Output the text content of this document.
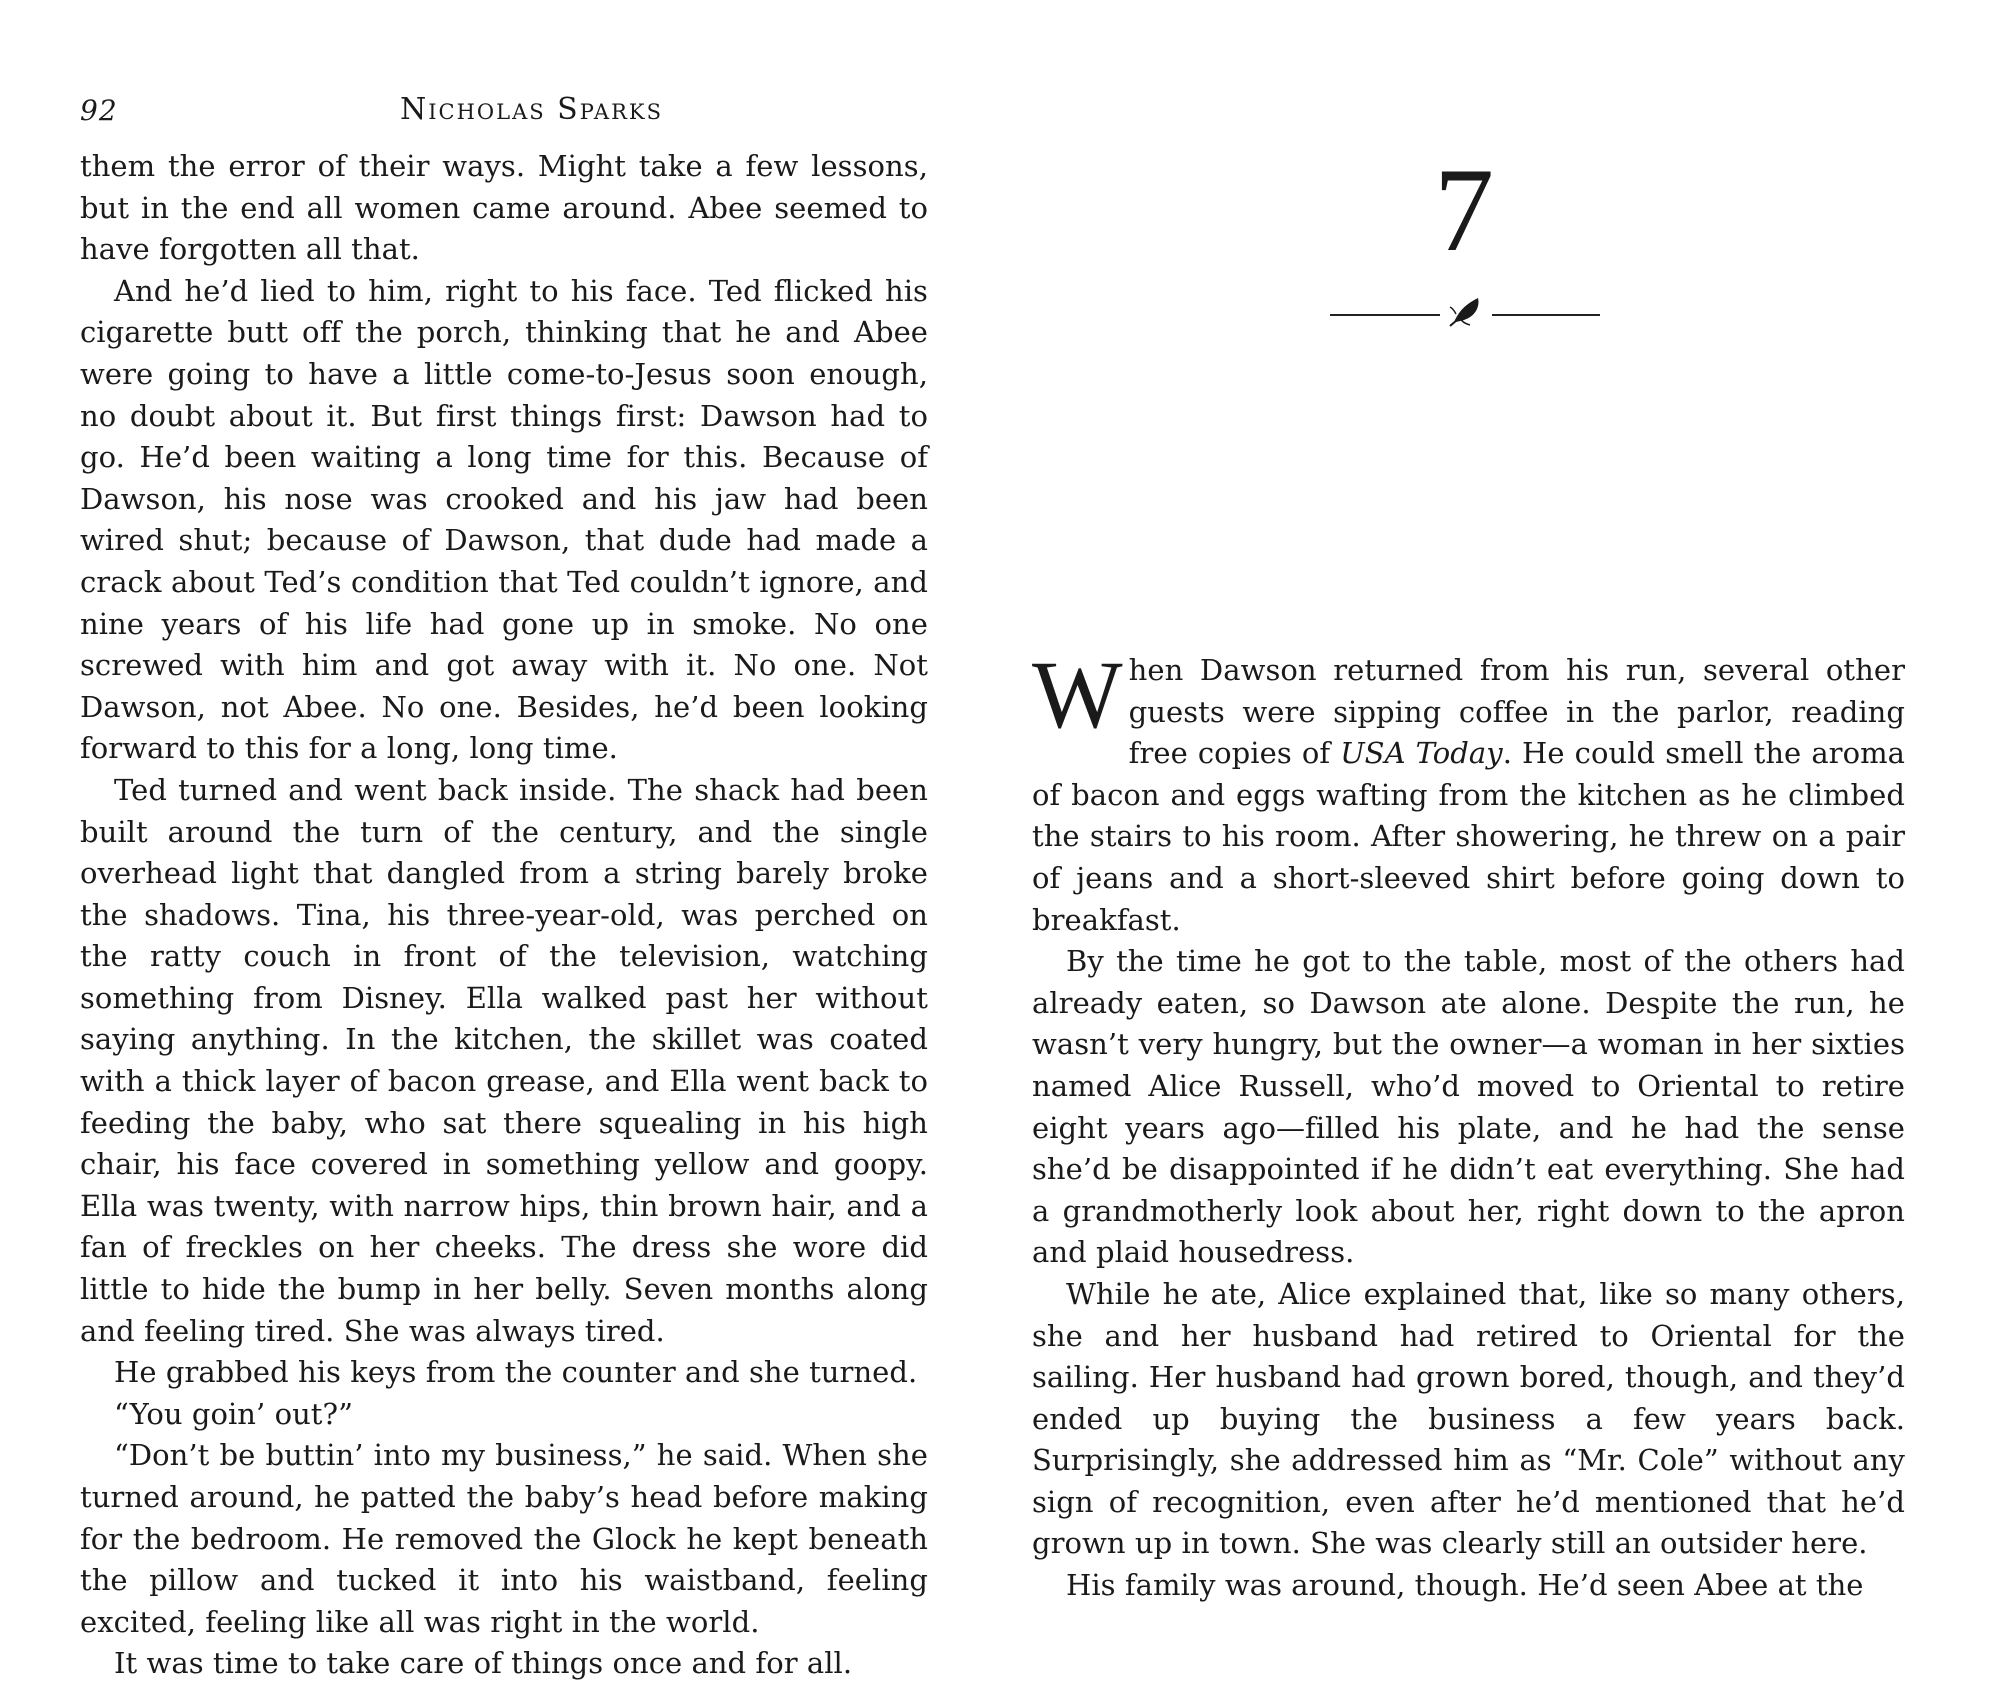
92	Nicholas Sparks

them the error of their ways. Might take a few lessons, but in the end all women came around. Abee seemed to have forgotten all that.

And he’d lied to him, right to his face. Ted flicked his cigarette butt off the porch, thinking that he and Abee were going to have a little come-to-Jesus soon enough, no doubt about it. But first things first: Dawson had to go. He’d been waiting a long time for this. Because of Dawson, his nose was crooked and his jaw had been wired shut; because of Dawson, that dude had made a crack about Ted’s condition that Ted couldn’t ignore, and nine years of his life had gone up in smoke. No one screwed with him and got away with it. No one. Not Dawson, not Abee. No one. Besides, he’d been looking forward to this for a long, long time.

Ted turned and went back inside. The shack had been built around the turn of the century, and the single overhead light that dangled from a string barely broke the shadows. Tina, his three-year-old, was perched on the ratty couch in front of the television, watching something from Disney. Ella walked past her without saying anything. In the kitchen, the skillet was coated with a thick layer of bacon grease, and Ella went back to feeding the baby, who sat there squealing in his high chair, his face covered in something yellow and goopy. Ella was twenty, with narrow hips, thin brown hair, and a fan of freckles on her cheeks. The dress she wore did little to hide the bump in her belly. Seven months along and feeling tired. She was always tired.

He grabbed his keys from the counter and she turned.

“You goin’ out?”

“Don’t be buttin’ into my business,” he said. When she turned around, he patted the baby’s head before making for the bedroom. He removed the Glock he kept beneath the pillow and tucked it into his waistband, feeling excited, feeling like all was right in the world.

It was time to take care of things once and for all.

7

When Dawson returned from his run, several other guests were sipping coffee in the parlor, reading free copies of USA Today. He could smell the aroma of bacon and eggs wafting from the kitchen as he climbed the stairs to his room. After showering, he threw on a pair of jeans and a short-sleeved shirt before going down to breakfast.

By the time he got to the table, most of the others had already eaten, so Dawson ate alone. Despite the run, he wasn’t very hungry, but the owner—a woman in her sixties named Alice Russell, who’d moved to Oriental to retire eight years ago—filled his plate, and he had the sense she’d be disappointed if he didn’t eat everything. She had a grandmotherly look about her, right down to the apron and plaid housedress.

While he ate, Alice explained that, like so many others, she and her husband had retired to Oriental for the sailing. Her husband had grown bored, though, and they’d ended up buying the business a few years back. Surprisingly, she addressed him as “Mr. Cole” without any sign of recognition, even after he’d mentioned that he’d grown up in town. She was clearly still an outsider here.

His family was around, though. He’d seen Abee at the
